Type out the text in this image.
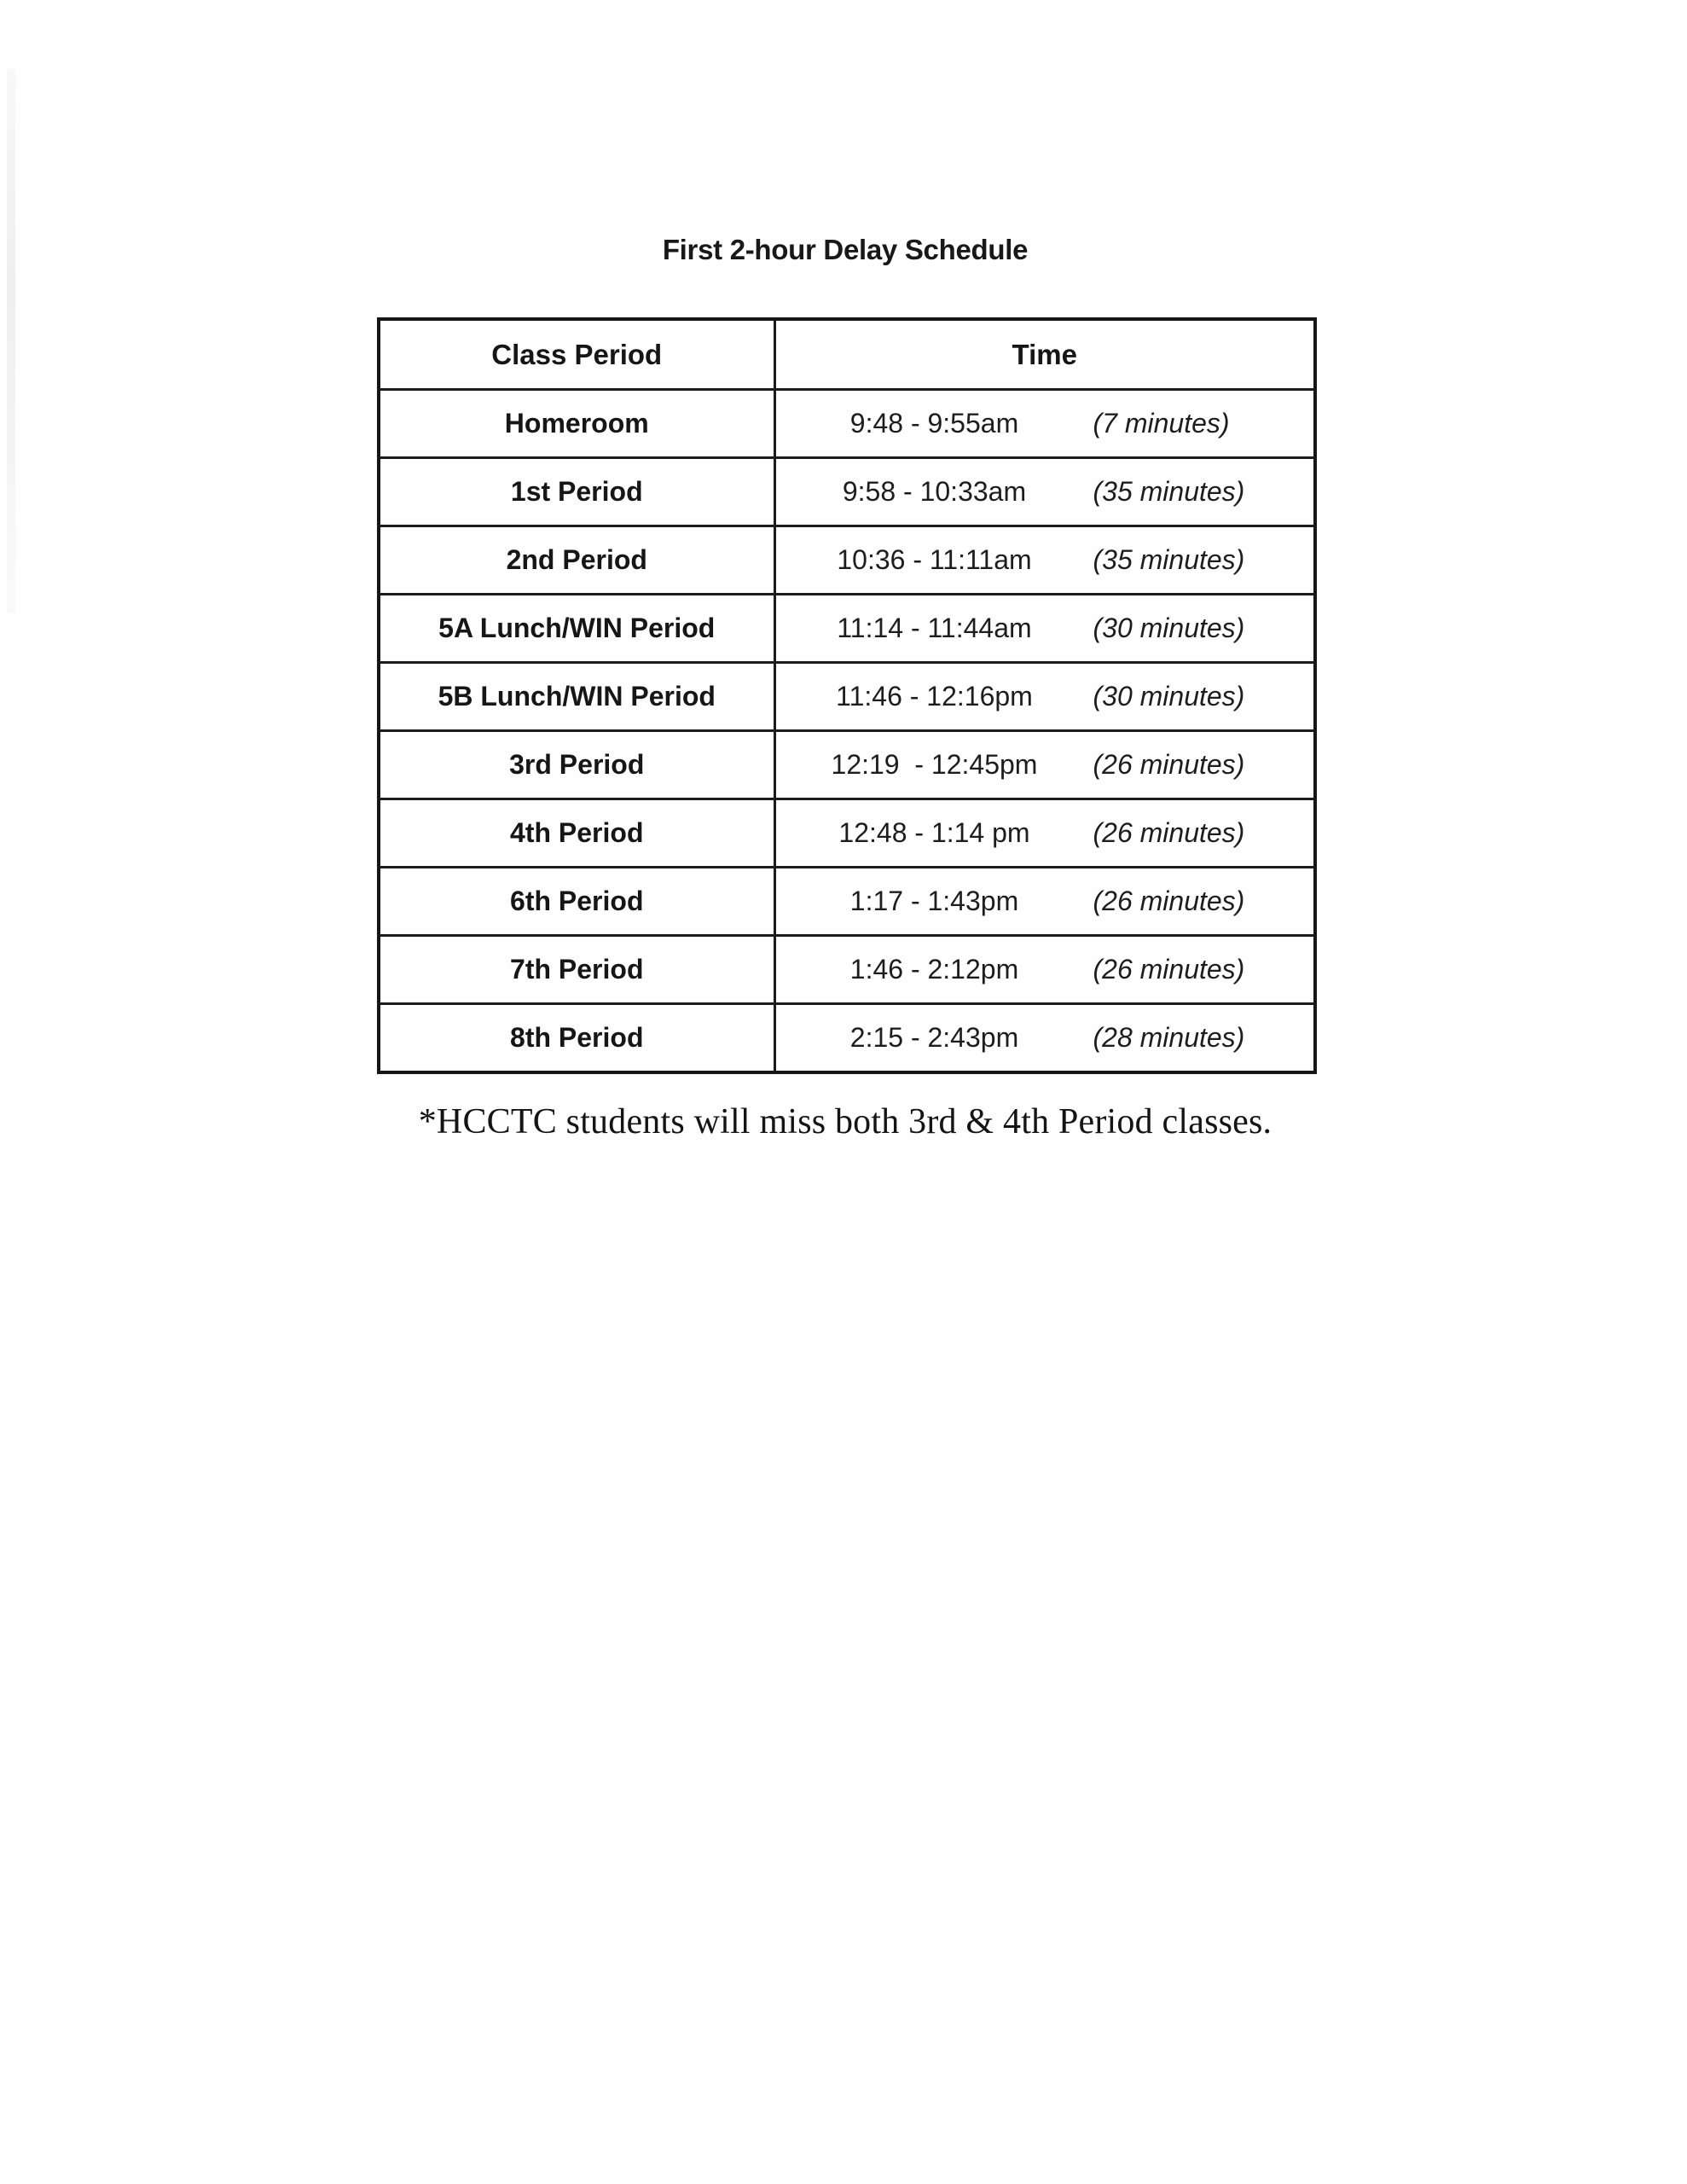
First 2-hour Delay Schedule
Class Period	Time
Homeroom	9:48 - 9:55am (7 minutes)
1st Period	9:58 - 10:33am (35 minutes)
2nd Period	10:36 - 11:11am (35 minutes)
5A Lunch/WIN Period	11:14 - 11:44am (30 minutes)
5B Lunch/WIN Period	11:46 - 12:16pm (30 minutes)
3rd Period	12:19  - 12:45pm (26 minutes)
4th Period	12:48 - 1:14 pm (26 minutes)
6th Period	1:17 - 1:43pm (26 minutes)
7th Period	1:46 - 2:12pm (26 minutes)
8th Period	2:15 - 2:43pm (28 minutes)

*HCCTC students will miss both 3rd & 4th Period classes.
